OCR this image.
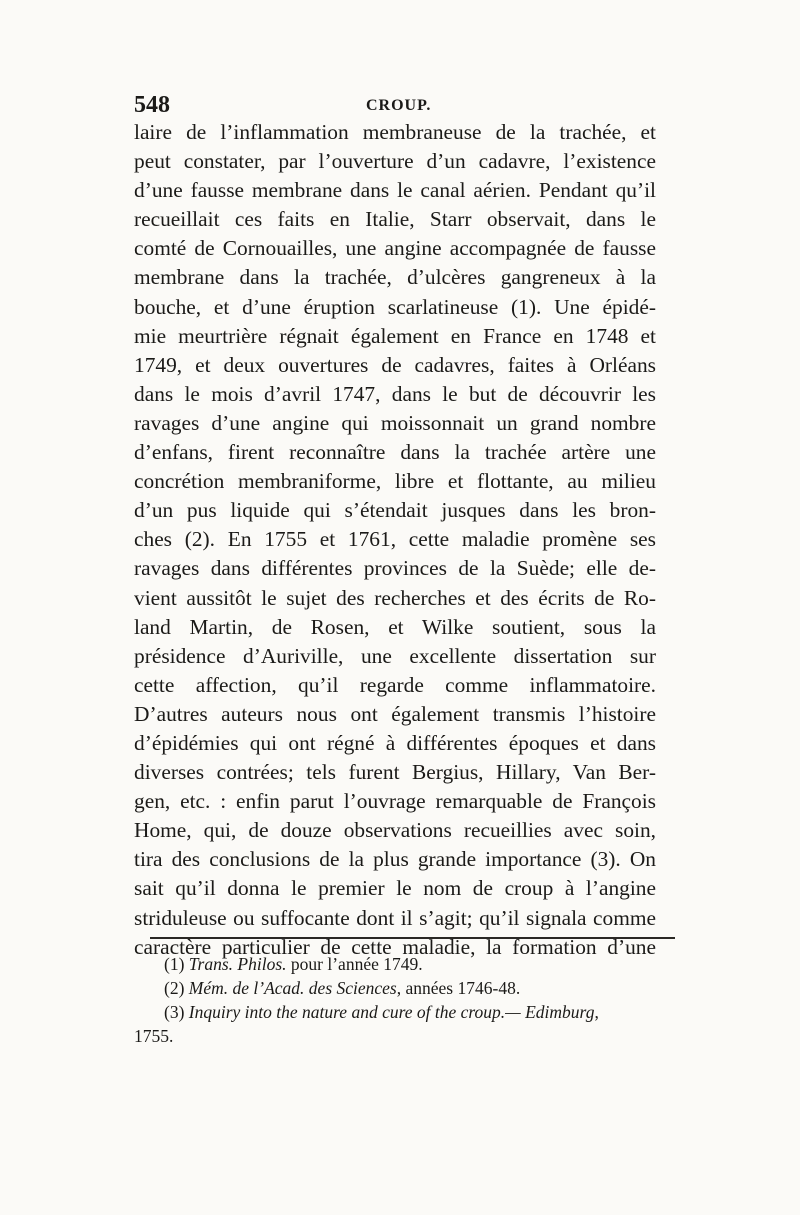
548	CROUP.
laire de l’inflammation membraneuse de la trachée, et
peut constater, par l’ouverture d’un cadavre, l’existence
d’une fausse membrane dans le canal aérien. Pendant qu’il
recueillait ces faits en Italie, Starr observait, dans le
comté de Cornouailles, une angine accompagnée de fausse
membrane dans la trachée, d’ulcères gangreneux à la
bouche, et d’une éruption scarlatineuse (1). Une épidé-
mie meurtrière régnait également en France en 1748 et
1749, et deux ouvertures de cadavres, faites à Orléans
dans le mois d’avril 1747, dans le but de découvrir les
ravages d’une angine qui moissonnait un grand nombre
d’enfans, firent reconnaître dans la trachée artère une
concrétion membraniforme, libre et flottante, au milieu
d’un pus liquide qui s’étendait jusques dans les bron-
ches (2). En 1755 et 1761, cette maladie promène ses
ravages dans différentes provinces de la Suède; elle de-
vient aussitôt le sujet des recherches et des écrits de Ro-
land Martin, de Rosen, et Wilke soutient, sous la
présidence d’Auriville, une excellente dissertation sur
cette affection, qu’il regarde comme inflammatoire.
D’autres auteurs nous ont également transmis l’histoire
d’épidémies qui ont régné à différentes époques et dans
diverses contrées; tels furent Bergius, Hillary, Van Ber-
gen, etc. : enfin parut l’ouvrage remarquable de François
Home, qui, de douze observations recueillies avec soin,
tira des conclusions de la plus grande importance (3). On
sait qu’il donna le premier le nom de croup à l’angine
striduleuse ou suffocante dont il s’agit; qu’il signala comme
caractère particulier de cette maladie, la formation d’une
(1) Trans. Philos. pour l’année 1749.
(2) Mém. de l’Acad. des Sciences, années 1746-48.
(3) Inquiry into the nature and cure of the croup.— Edimburg,
1755.
